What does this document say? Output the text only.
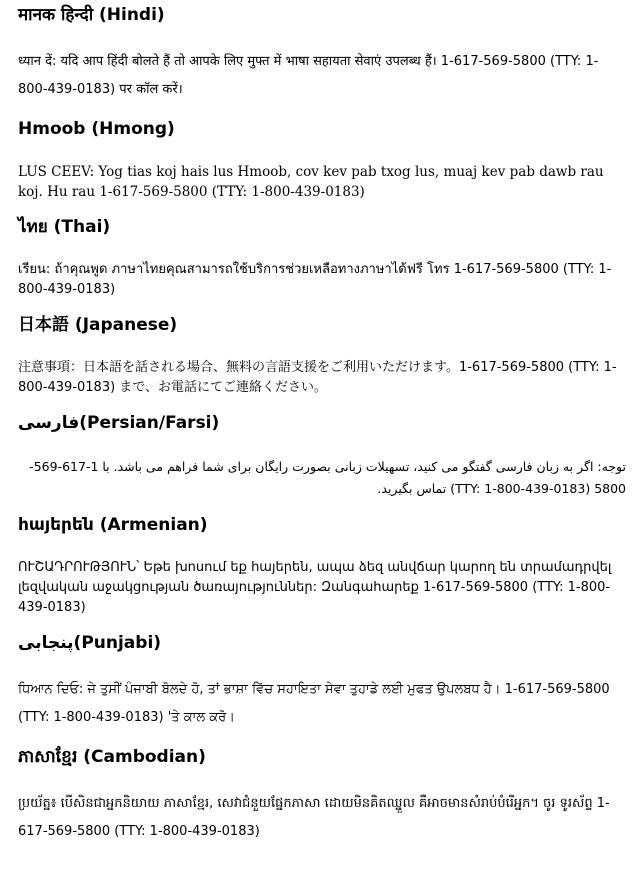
मानक हिन्दी (Hindi)

ध्यान दें: यदि आप हिंदी बोलते हैं तो आपके लिए मुफ्त में भाषा सहायता सेवाएं उपलब्ध हैं। 1-617-569-5800 (TTY: 1-800-439-0183) पर कॉल करें।

Hmoob (Hmong)

LUS CEEV: Yog tias koj hais lus Hmoob, cov kev pab txog lus, muaj kev pab dawb rau koj. Hu rau 1-617-569-5800 (TTY: 1-800-439-0183)

ไทย (Thai)

เรียน: ถ้าคุณพูด ภาษาไทยคุณสามารถใช้บริการช่วยเหลือทางภาษาได้ฟรี โทร 1-617-569-5800 (TTY: 1-800-439-0183)

日本語 (Japanese)

注意事項：日本語を話される場合、無料の言語支援をご利用いただけます。1-617-569-5800 (TTY: 1-800-439-0183) まで、お電話にてご連絡ください。

فارسی(Persian/Farsi)

توجه: اگر به زبان فارسی گفتگو می کنید، تسهیلات زبانی بصورت رایگان برای شما فراهم می باشد. با 1-617-569-5800 (TTY: 1-800-439-0183) تماس بگیرید.

հայերեն (Armenian)

ՈՒՇԱԴՐՈՒԹՅՈՒՆ՝ Եթե խոսում եք հայերեն, ապա ձեզ անվճար կարող են տրամադրվել լեզվական աջակցության ծառայություններ: Զանգահարեք 1-617-569-5800 (TTY: 1-800-439-0183)

پنجابی(Punjabi)

ਧਿਆਨ ਦਿਓ: ਜੇ ਤੁਸੀਂ ਪੰਜਾਬੀ ਬੋਲਦੇ ਹੋ, ਤਾਂ ਭਾਸ਼ਾ ਵਿੱਚ ਸਹਾਇਤਾ ਸੇਵਾ ਤੁਹਾਡੇ ਲਈ ਮੁਫਤ ਉਪਲਬਧ ਹੈ। 1-617-569-5800 (TTY: 1-800-439-0183) 'ਤੇ ਕਾਲ ਕਰੋ।

ភាសាខ្មែរ (Cambodian)

ប្រយ័ត្ន៖ បើសិនជាអ្នកនិយាយ ភាសាខ្មែរ, សេវាជំនួយផ្នែកភាសា ដោយមិនគិតឈ្នួល គឺអាចមានសំរាប់បំរើអ្នក។ ចូរ ទូរស័ព្ទ 1-617-569-5800 (TTY: 1-800-439-0183)
